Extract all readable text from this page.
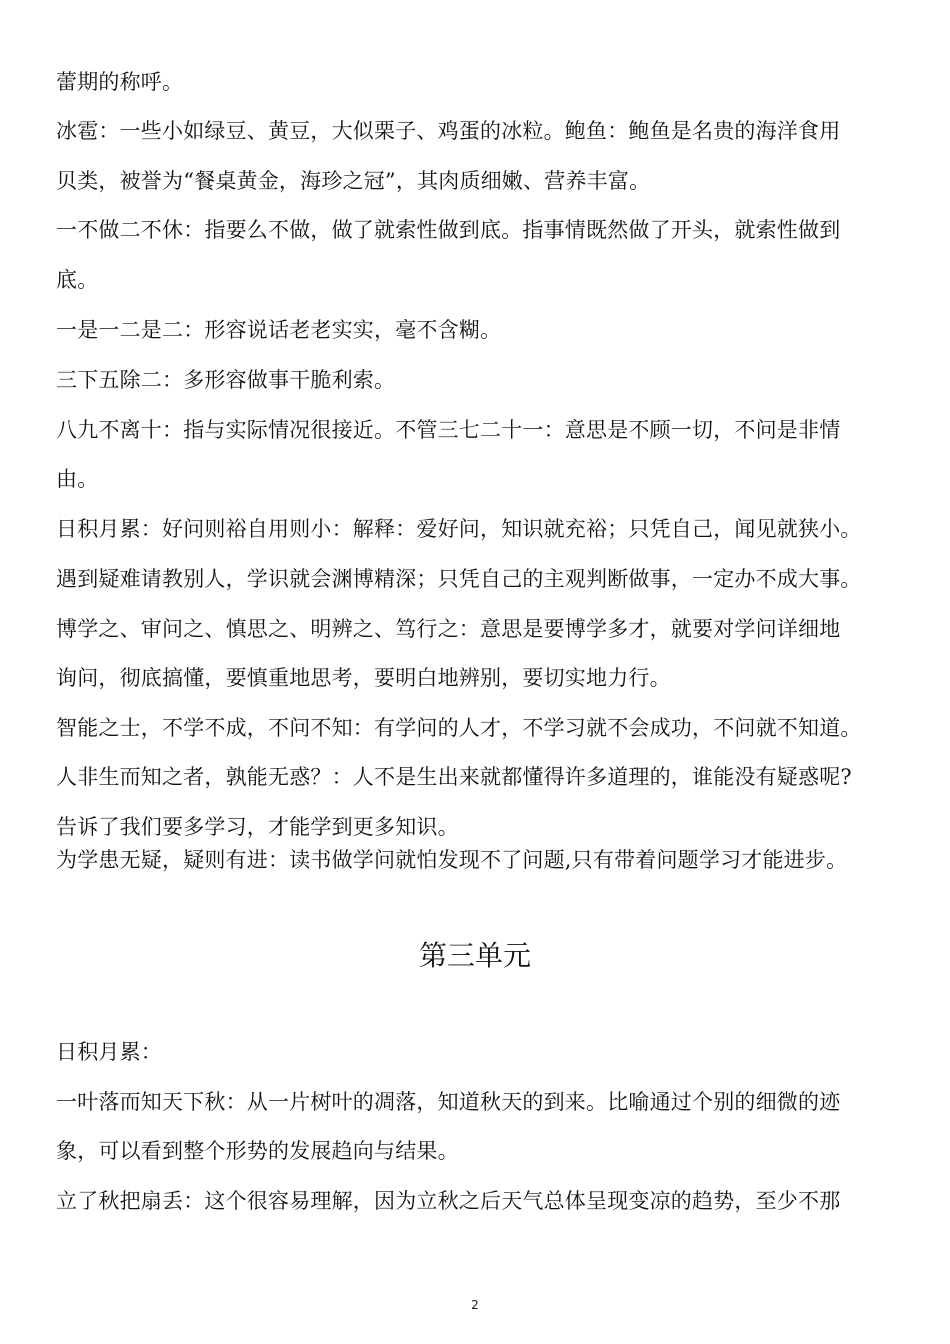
蕾期的称呼。
冰雹：一些小如绿豆、黄豆，大似栗子、鸡蛋的冰粒。鲍鱼：鲍鱼是名贵的海洋食用
贝类，被誉为“餐桌黄金，海珍之冠”，其肉质细嫩、营养丰富。
一不做二不休：指要么不做，做了就索性做到底。指事情既然做了开头，就索性做到
底。
一是一二是二：形容说话老老实实，毫不含糊。
三下五除二：多形容做事干脆利索。
八九不离十：指与实际情况很接近。不管三七二十一：意思是不顾一切，不问是非情
由。
日积月累：好问则裕自用则小：解释：爱好问，知识就充裕；只凭自己，闻见就狭小。
遇到疑难请教别人，学识就会渊博精深；只凭自己的主观判断做事，一定办不成大事。
博学之、审问之、慎思之、明辨之、笃行之：意思是要博学多才，就要对学问详细地
询问，彻底搞懂，要慎重地思考，要明白地辨别，要切实地力行。
智能之士，不学不成，不问不知：有学问的人才，不学习就不会成功，不问就不知道。
人非生而知之者，孰能无惑？：人不是生出来就都懂得许多道理的，谁能没有疑惑呢?
告诉了我们要多学习，才能学到更多知识。
为学患无疑，疑则有进：读书做学问就怕发现不了问题,只有带着问题学习才能进步。
第三单元
日积月累：
一叶落而知天下秋：从一片树叶的凋落，知道秋天的到来。比喻通过个别的细微的迹
象，可以看到整个形势的发展趋向与结果。
立了秋把扇丢：这个很容易理解，因为立秋之后天气总体呈现变凉的趋势，至少不那
2
